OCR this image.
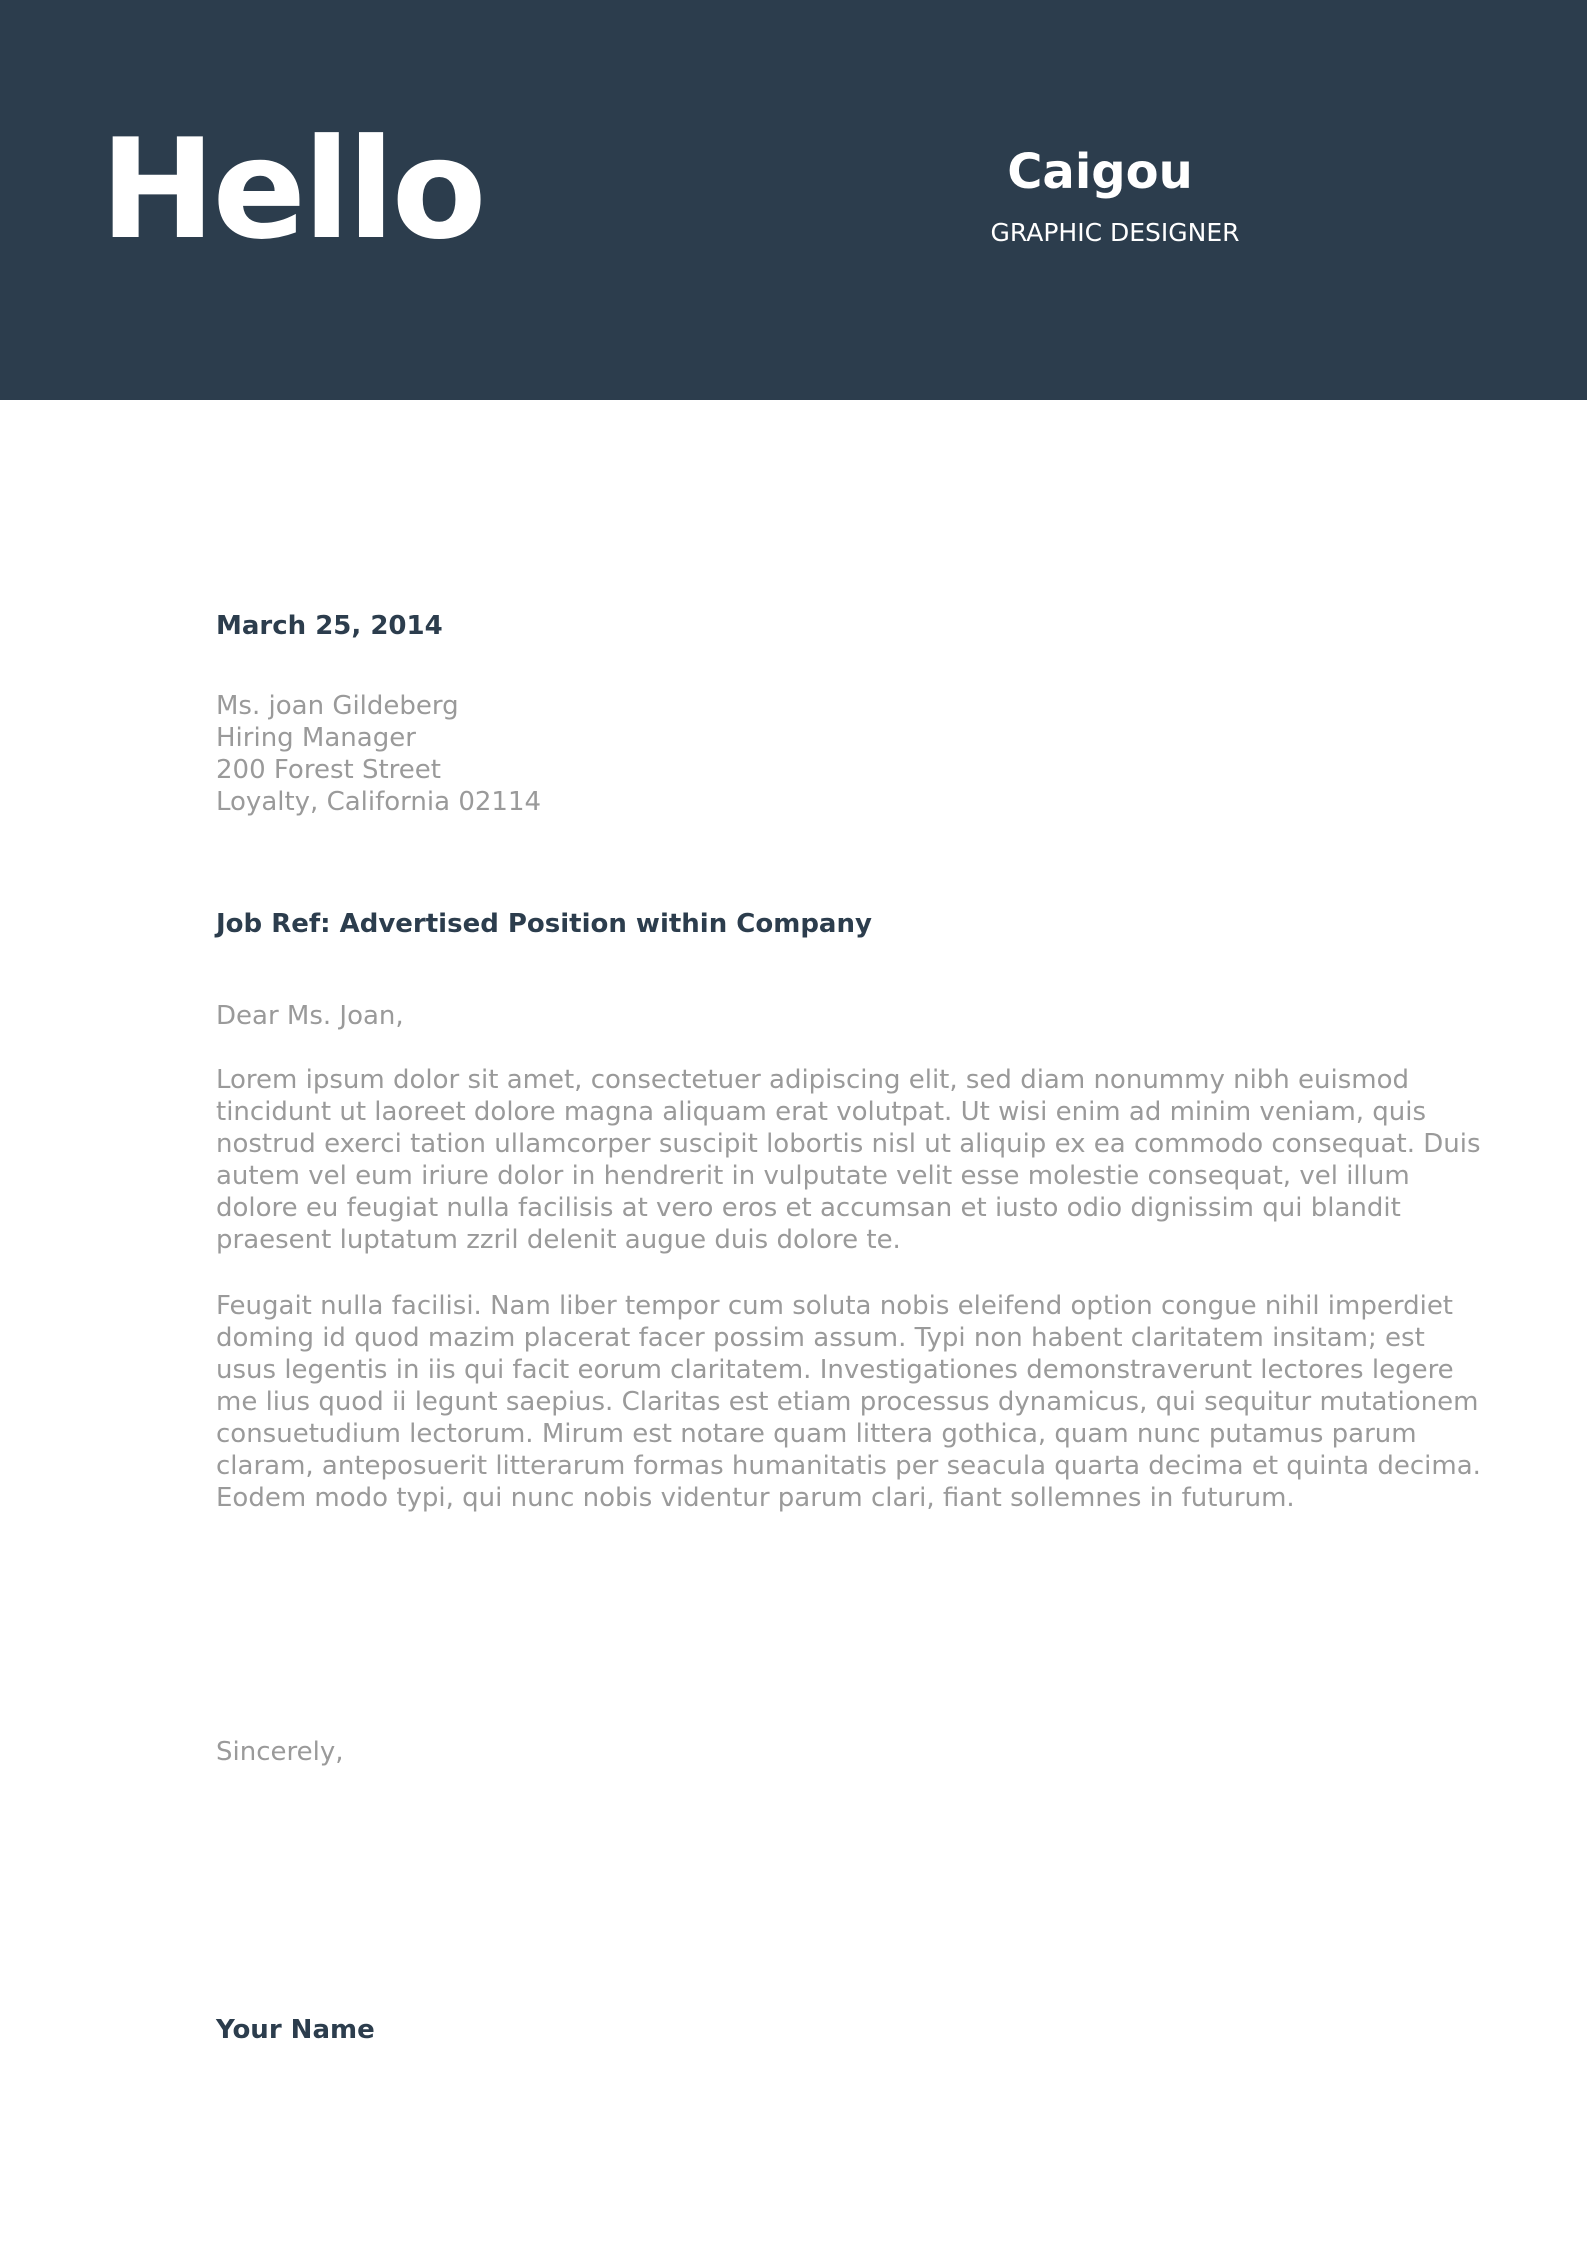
Hello	Caigou
GRAPHIC DESIGNER
March 25, 2014
Ms. joan Gildeberg
Hiring Manager
200 Forest Street
Loyalty, California 02114
Job Ref: Advertised Position within Company
Dear Ms. Joan,
Lorem ipsum dolor sit amet, consectetuer adipiscing elit, sed diam nonummy nibh euismod
tincidunt ut laoreet dolore magna aliquam erat volutpat. Ut wisi enim ad minim veniam, quis
nostrud exerci tation ullamcorper suscipit lobortis nisl ut aliquip ex ea commodo consequat. Duis
autem vel eum iriure dolor in hendrerit in vulputate velit esse molestie consequat, vel illum
dolore eu feugiat nulla facilisis at vero eros et accumsan et iusto odio dignissim qui blandit
praesent luptatum zzril delenit augue duis dolore te.
Feugait nulla facilisi. Nam liber tempor cum soluta nobis eleifend option congue nihil imperdiet
doming id quod mazim placerat facer possim assum. Typi non habent claritatem insitam; est
usus legentis in iis qui facit eorum claritatem. Investigationes demonstraverunt lectores legere
me lius quod ii legunt saepius. Claritas est etiam processus dynamicus, qui sequitur mutationem
consuetudium lectorum. Mirum est notare quam littera gothica, quam nunc putamus parum
claram, anteposuerit litterarum formas humanitatis per seacula quarta decima et quinta decima.
Eodem modo typi, qui nunc nobis videntur parum clari, fiant sollemnes in futurum.
Sincerely,
Your Name
